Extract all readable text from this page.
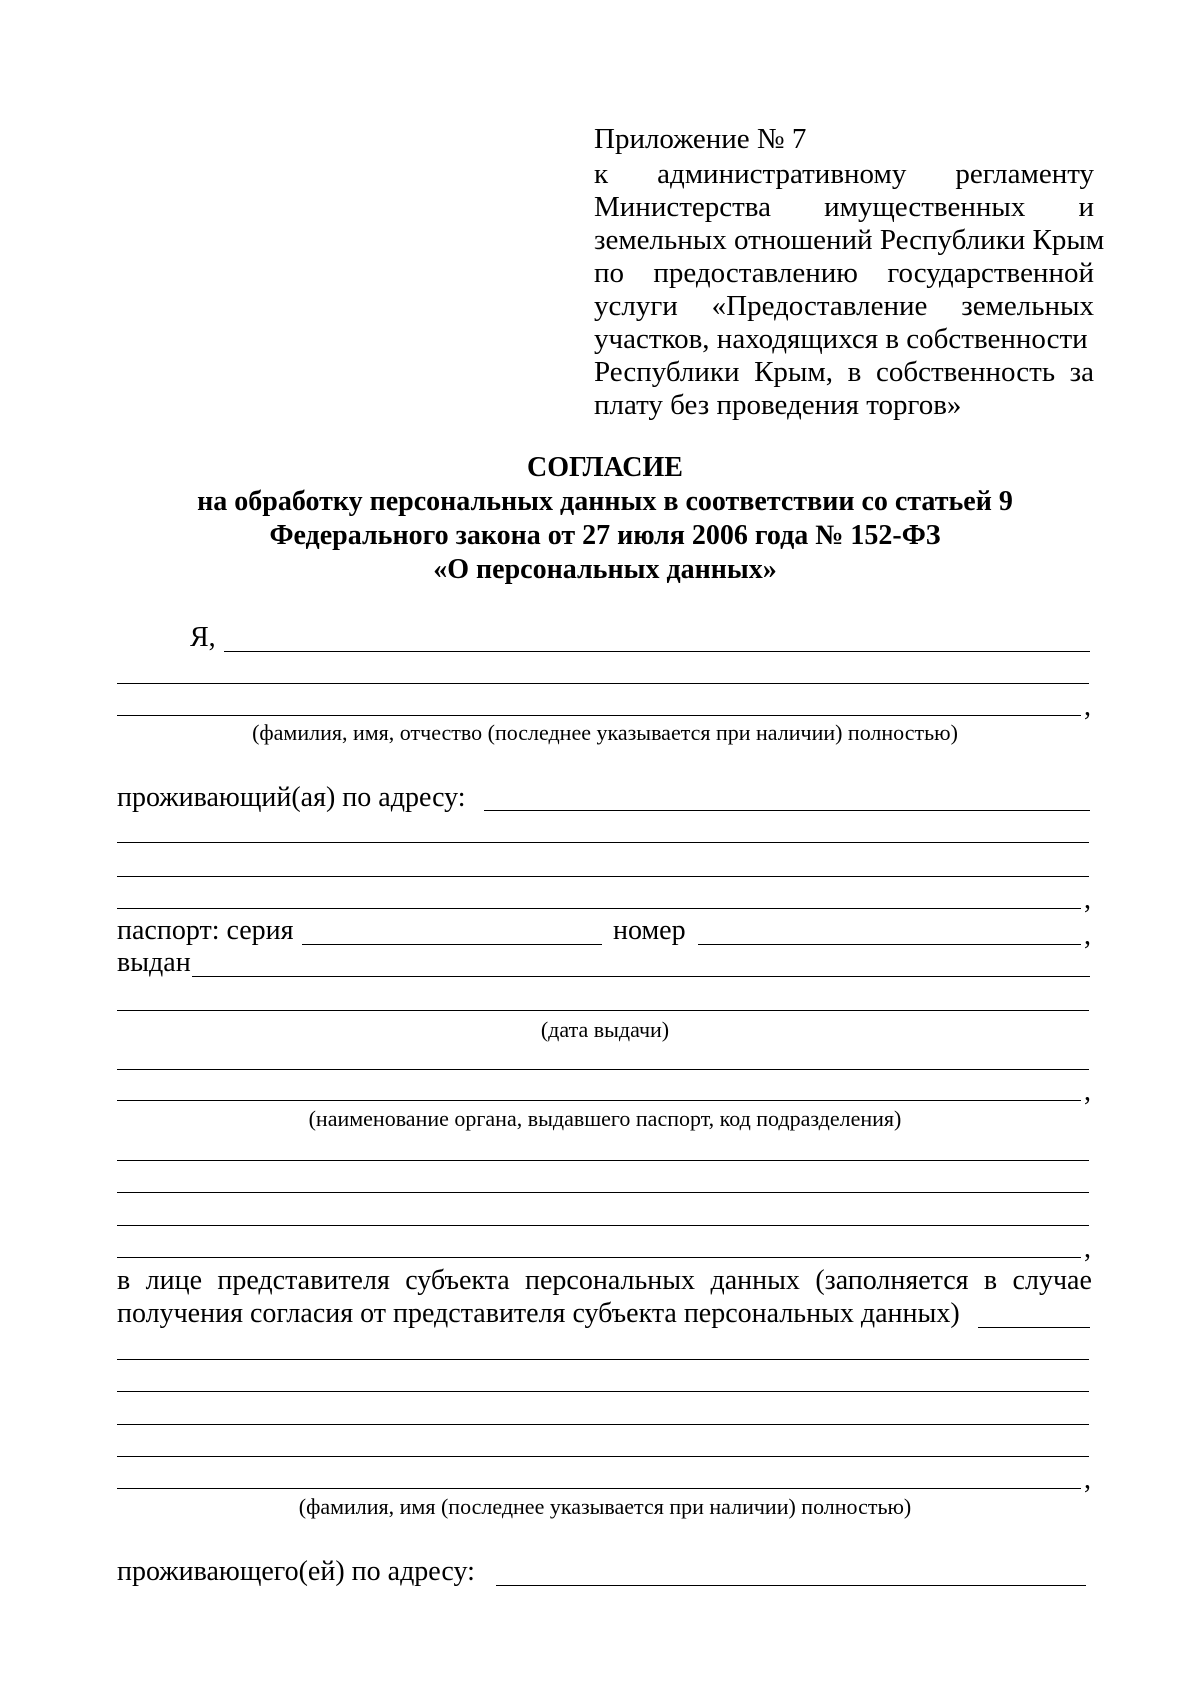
Приложение № 7
к административному регламенту
Министерства имущественных и
земельных отношений Республики Крым
по предоставлению государственной
услуги «Предоставление земельных
участков, находящихся в собственности
Республики Крым, в собственность за
плату без проведения торгов»
СОГЛАСИЕ
на обработку персональных данных в соответствии со статьей 9
Федерального закона от 27 июля 2006 года № 152-ФЗ
«О персональных данных»
Я,
,
(фамилия, имя, отчество (последнее указывается при наличии) полностью)
проживающий(ая) по адресу:
,
паспорт: серия	номер	,
выдан
(дата выдачи)
,
(наименование органа, выдавшего паспорт, код подразделения)
,
в лице представителя субъекта персональных данных (заполняется в случае
получения согласия от представителя субъекта персональных данных)
,
(фамилия, имя (последнее указывается при наличии) полностью)
проживающего(ей) по адресу:
